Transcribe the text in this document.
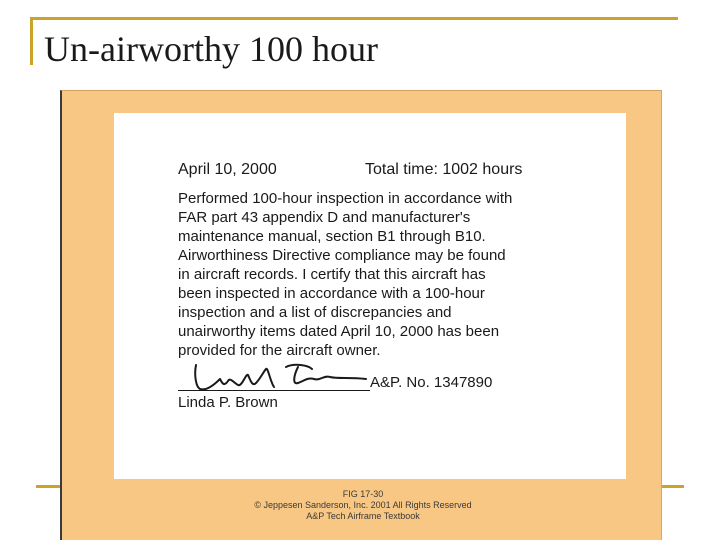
Un-airworthy 100 hour
April 10, 2000	Total time: 1002 hours

Performed 100-hour inspection in accordance with
FAR part 43 appendix D and manufacturer's
maintenance manual, section B1 through B10.
Airworthiness Directive compliance may be found
in aircraft records. I certify that this aircraft has
been inspected in accordance with a 100-hour
inspection and a list of discrepancies and
unairworthy items dated April 10, 2000 has been
provided for the aircraft owner.

A&P. No. 1347890
Linda P. Brown
FIG 17-30
© Jeppesen Sanderson, Inc. 2001 All Rights Reserved
A&P Tech Airframe Textbook
